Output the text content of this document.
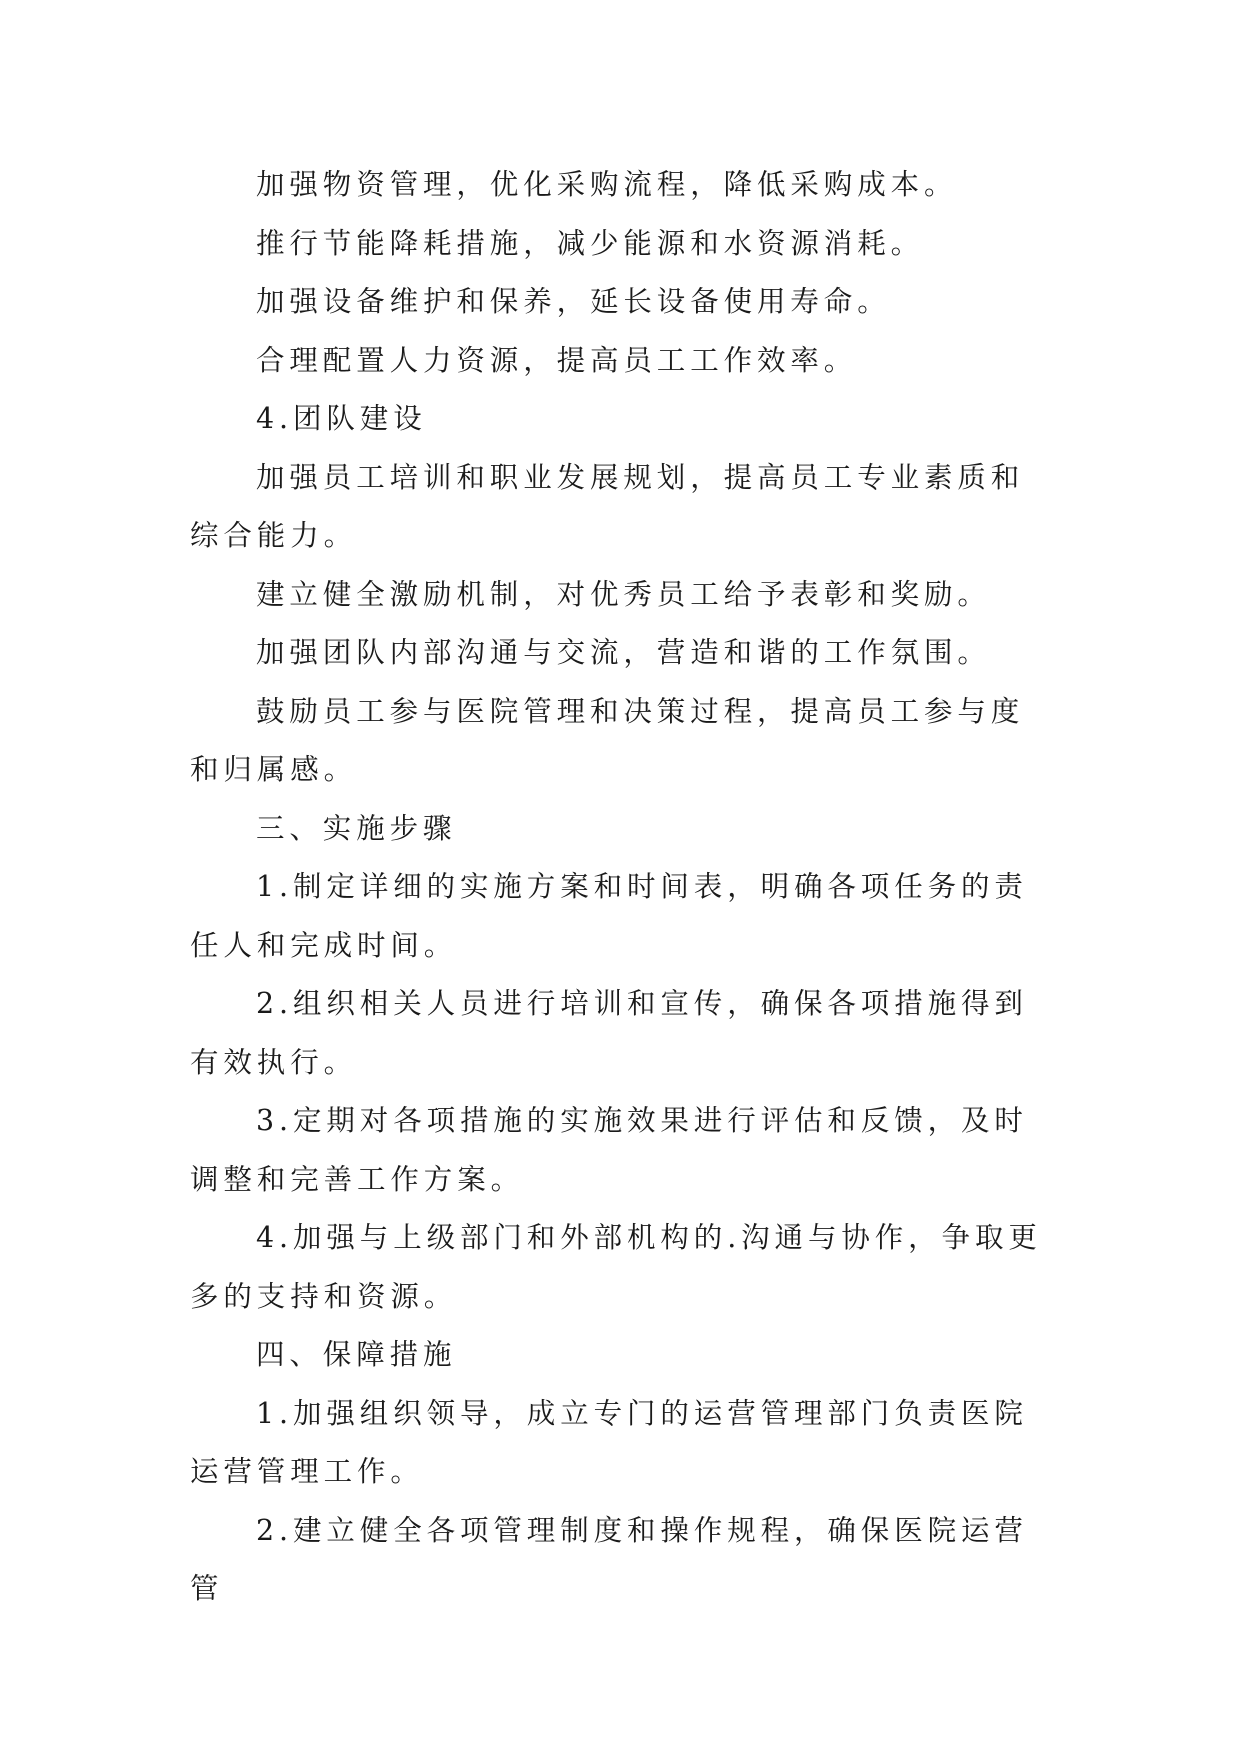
加强物资管理，优化采购流程，降低采购成本。

推行节能降耗措施，减少能源和水资源消耗。

加强设备维护和保养，延长设备使用寿命。

合理配置人力资源，提高员工工作效率。

4.团队建设

加强员工培训和职业发展规划，提高员工专业素质和综合能力。

建立健全激励机制，对优秀员工给予表彰和奖励。

加强团队内部沟通与交流，营造和谐的工作氛围。

鼓励员工参与医院管理和决策过程，提高员工参与度和归属感。

三、实施步骤

1.制定详细的实施方案和时间表，明确各项任务的责任人和完成时间。

2.组织相关人员进行培训和宣传，确保各项措施得到有效执行。

3.定期对各项措施的实施效果进行评估和反馈，及时调整和完善工作方案。

4.加强与上级部门和外部机构的.沟通与协作，争取更多的支持和资源。

四、保障措施

1.加强组织领导，成立专门的运营管理部门负责医院运营管理工作。

2.建立健全各项管理制度和操作规程，确保医院运营管
